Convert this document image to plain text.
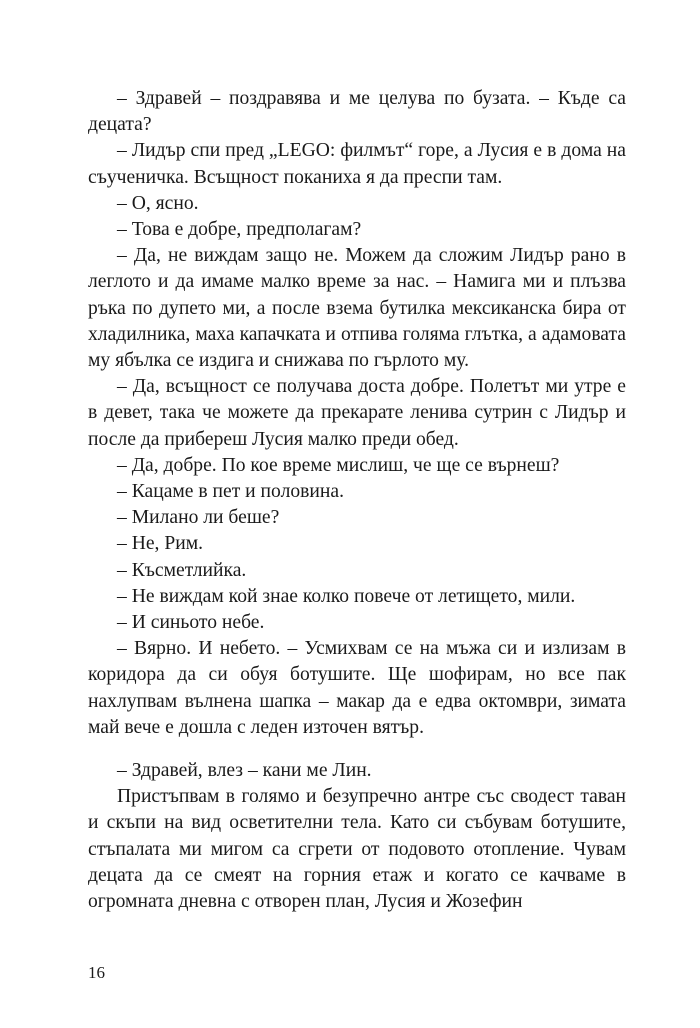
– Здравей – поздравява и ме целува по бузата. – Къде са децата?

– Лидър спи пред „LEGO: филмът“ горе, а Лусия е в дома на съученичка. Всъщност поканиха я да преспи там.

– О, ясно.

– Това е добре, предполагам?

– Да, не виждам защо не. Можем да сложим Лидър рано в леглото и да имаме малко време за нас. – Намига ми и плъзва ръка по дупето ми, а после взема бутилка мексиканска бира от хладилника, маха капачката и отпива голяма глътка, а адамовата му ябълка се издига и снижава по гърлото му.

– Да, всъщност се получава доста добре. Полетът ми утре е в девет, така че можете да прекарате ленива сутрин с Лидър и после да прибереш Лусия малко преди обед.

– Да, добре. По кое време мислиш, че ще се върнеш?

– Кацаме в пет и половина.

– Милано ли беше?

– Не, Рим.

– Късметлийка.

– Не виждам кой знае колко повече от летището, мили.

– И синьото небе.

– Вярно. И небето. – Усмихвам се на мъжа си и излизам в коридора да си обуя ботушите. Ще шофирам, но все пак нахлупвам вълнена шапка – макар да е едва октомври, зимата май вече е дошла с леден източен вятър.

– Здравей, влез – кани ме Лин.

Пристъпвам в голямо и безупречно антре със сводест таван и скъпи на вид осветителни тела. Като си събувам ботушите, стъпалата ми мигом са сгрети от подовото отопление. Чувам децата да се смеят на горния етаж и когато се качваме в огромната дневна с отворен план, Лусия и Жозефин

16
